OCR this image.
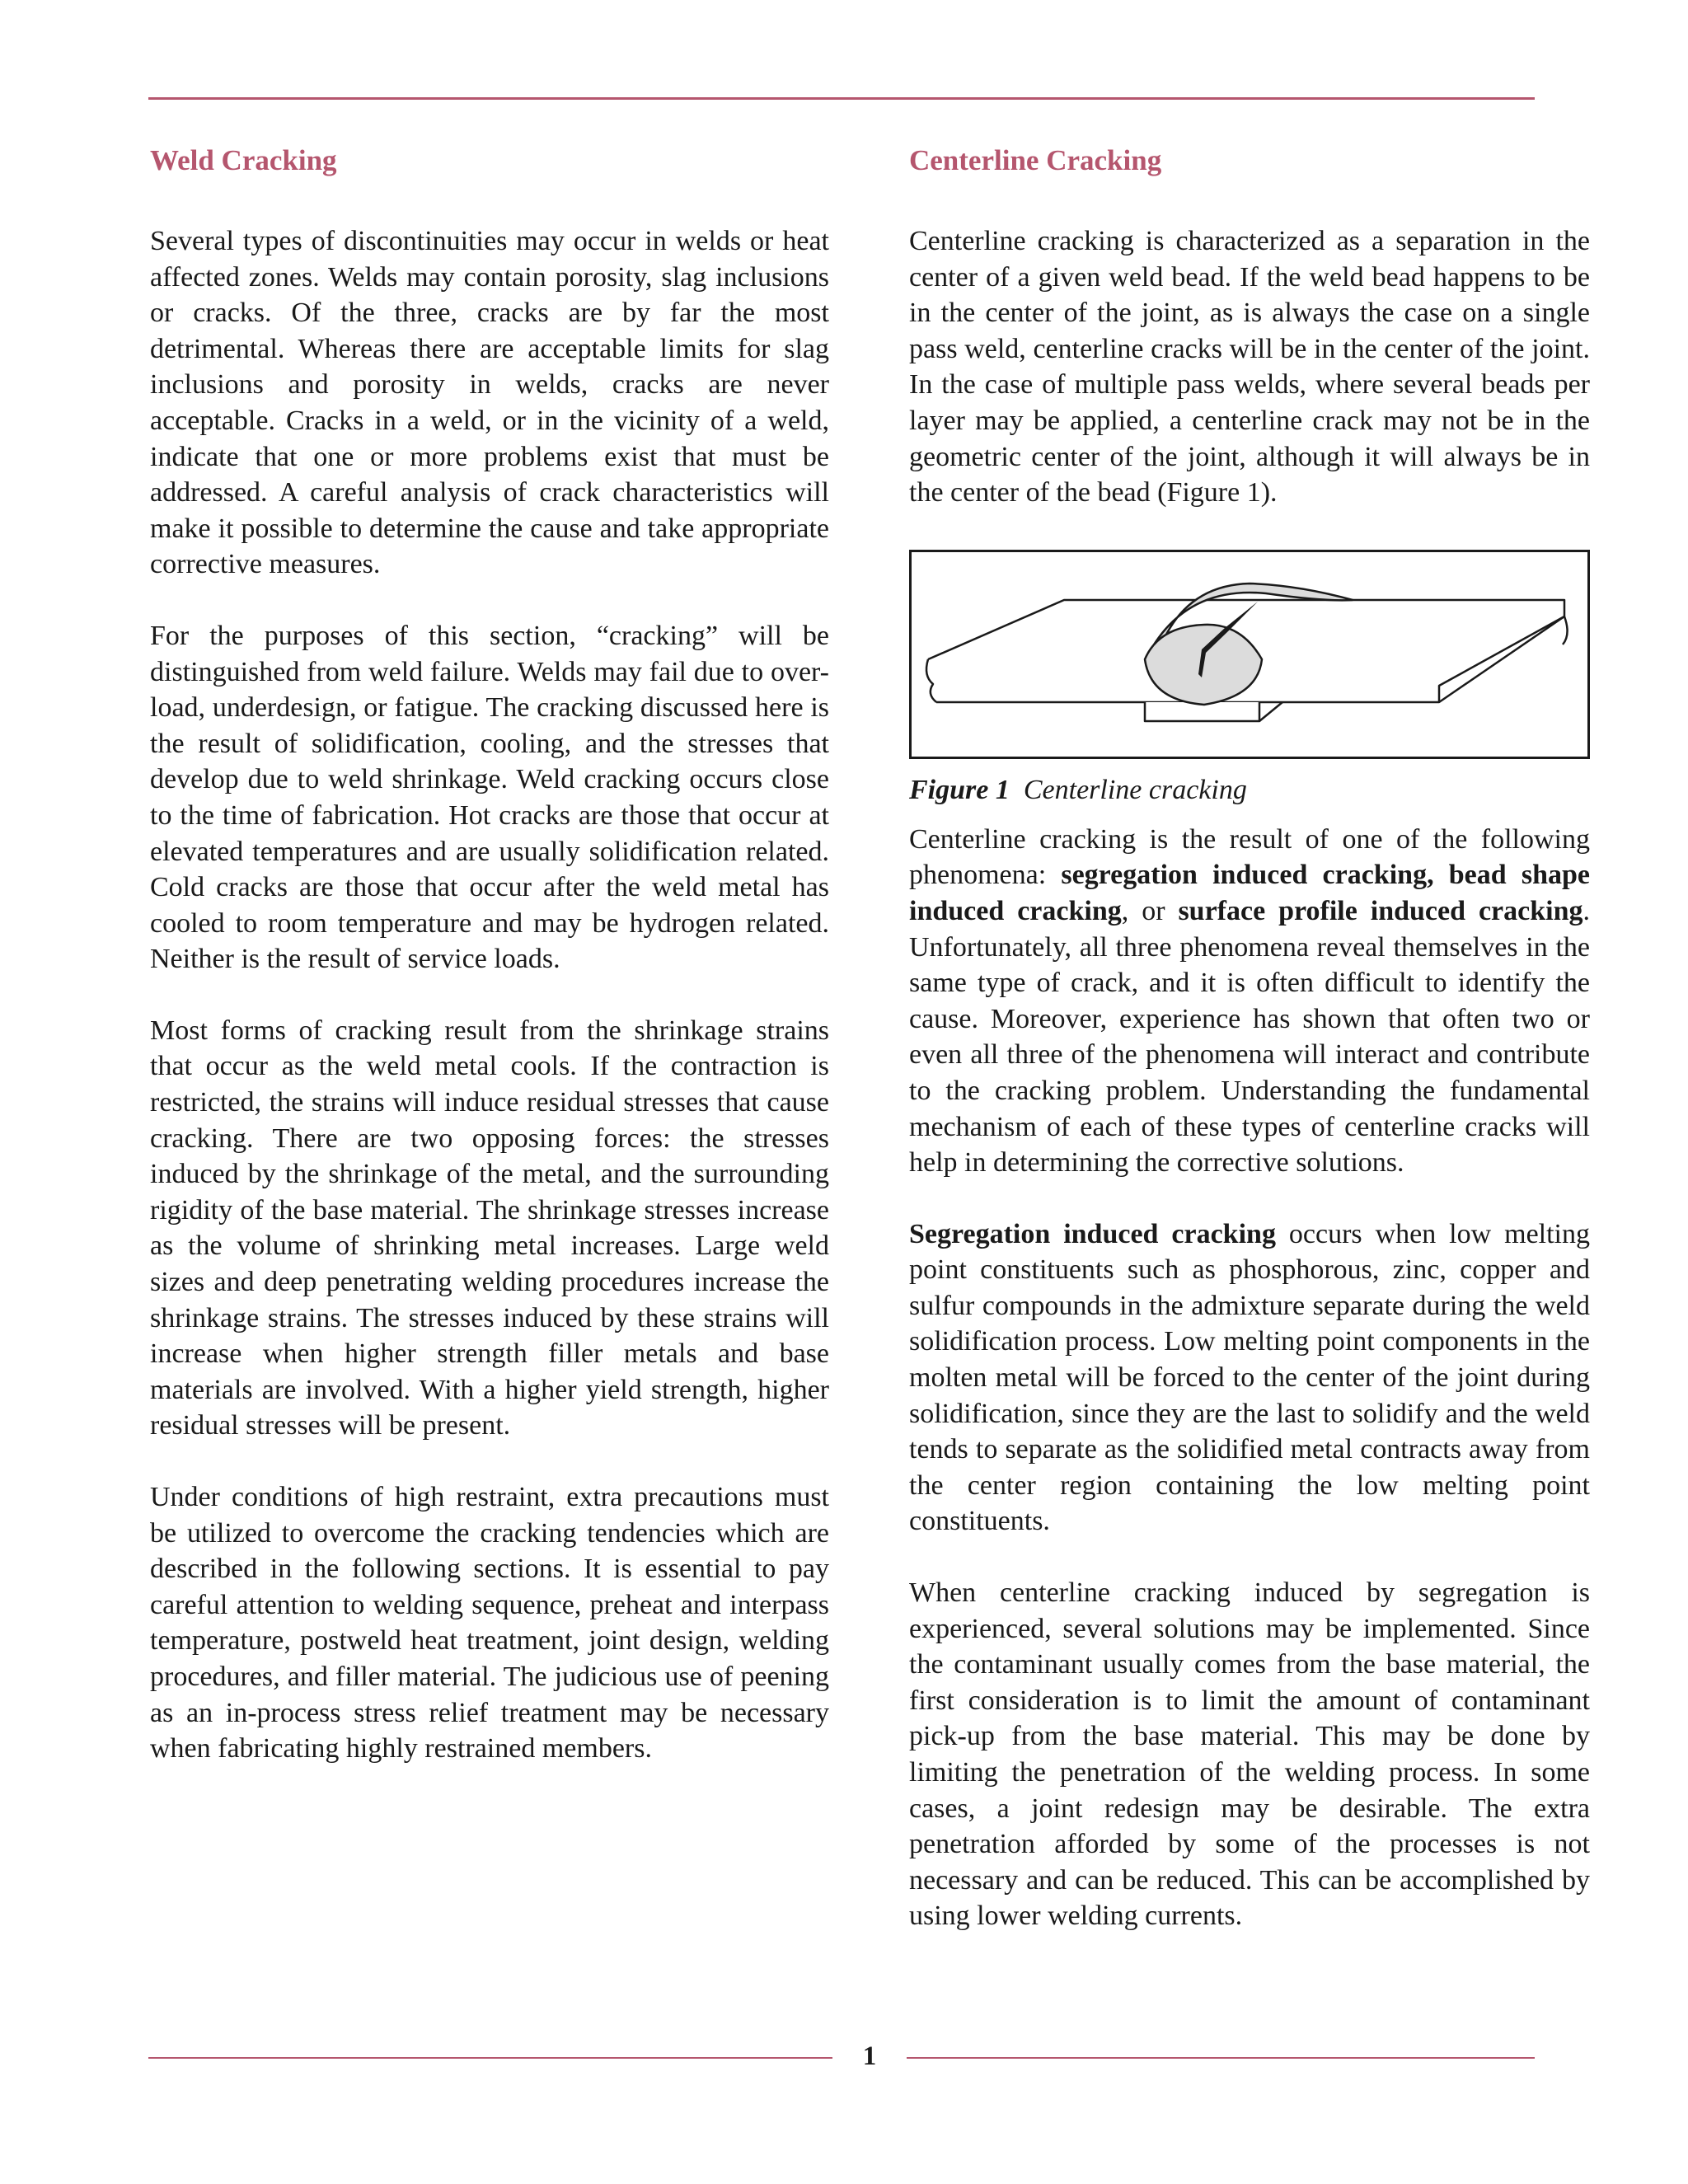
Weld Cracking

Several types of discontinuities may occur in welds or heat affected zones. Welds may contain porosity, slag inclusions or cracks. Of the three, cracks are by far the most detrimental. Whereas there are acceptable limits for slag inclusions and porosity in welds, cracks are never acceptable. Cracks in a weld, or in the vicinity of a weld, indicate that one or more problems exist that must be addressed. A careful analysis of crack characteristics will make it possible to determine the cause and take appropriate corrective measures.

For the purposes of this section, “cracking” will be distinguished from weld failure. Welds may fail due to over-load, underdesign, or fatigue. The cracking discussed here is the result of solidification, cooling, and the stresses that develop due to weld shrinkage. Weld cracking occurs close to the time of fabrication. Hot cracks are those that occur at elevated temperatures and are usually solidification related. Cold cracks are those that occur after the weld metal has cooled to room temperature and may be hydrogen related. Neither is the result of service loads.

Most forms of cracking result from the shrinkage strains that occur as the weld metal cools. If the contraction is restricted, the strains will induce residual stresses that cause cracking. There are two opposing forces: the stresses induced by the shrinkage of the metal, and the surrounding rigidity of the base material. The shrinkage stresses increase as the volume of shrinking metal increases. Large weld sizes and deep penetrating welding procedures increase the shrinkage strains. The stresses induced by these strains will increase when higher strength filler metals and base materials are involved. With a higher yield strength, higher residual stresses will be present.

Under conditions of high restraint, extra precautions must be utilized to overcome the cracking tendencies which are described in the following sections. It is essential to pay careful attention to welding sequence, preheat and interpass temperature, postweld heat treatment, joint design, welding procedures, and filler material. The judicious use of peening as an in-process stress relief treatment may be necessary when fabricating highly restrained members.

Centerline Cracking

Centerline cracking is characterized as a separation in the center of a given weld bead. If the weld bead happens to be in the center of the joint, as is always the case on a single pass weld, centerline cracks will be in the center of the joint. In the case of multiple pass welds, where several beads per layer may be applied, a centerline crack may not be in the geometric center of the joint, although it will always be in the center of the bead (Figure 1).

Figure 1 Centerline cracking

Centerline cracking is the result of one of the following phenomena: segregation induced cracking, bead shape induced cracking, or surface profile induced cracking. Unfortunately, all three phenomena reveal themselves in the same type of crack, and it is often difficult to identify the cause. Moreover, experience has shown that often two or even all three of the phenomena will interact and contribute to the cracking problem. Understanding the fundamental mechanism of each of these types of centerline cracks will help in determining the corrective solutions.

Segregation induced cracking occurs when low melting point constituents such as phosphorous, zinc, copper and sulfur compounds in the admixture separate during the weld solidification process. Low melting point components in the molten metal will be forced to the center of the joint during solidification, since they are the last to solidify and the weld tends to separate as the solidified metal contracts away from the center region containing the low melting point constituents.

When centerline cracking induced by segregation is experienced, several solutions may be implemented. Since the contaminant usually comes from the base material, the first consideration is to limit the amount of contaminant pick-up from the base material. This may be done by limiting the penetration of the welding process. In some cases, a joint redesign may be desirable. The extra penetration afforded by some of the processes is not necessary and can be reduced. This can be accomplished by using lower welding currents.

1
